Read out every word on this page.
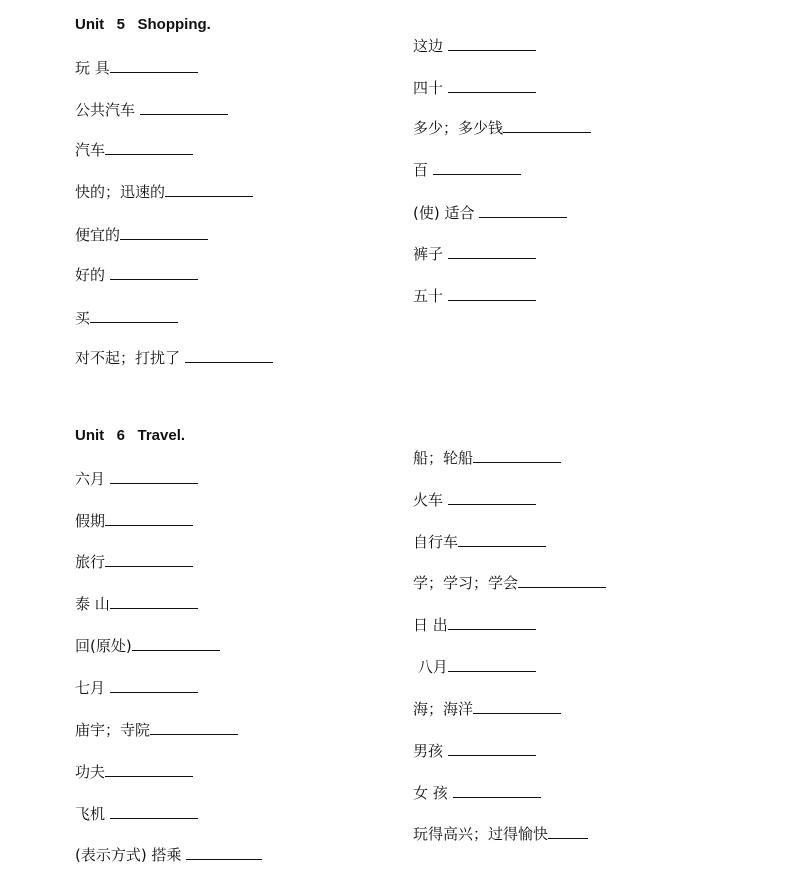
Unit   5   Shopping.
玩 具
公共汽车
汽车
快的；迅速的
便宜的
好的
买
对不起；打扰了
这边
四十
多少；多少钱
百
(使) 适合
裤子
五十
Unit   6   Travel.
六月
假期
旅行
泰 山
回(原处)
七月
庙宇；寺院
功夫
飞机
(表示方式) 搭乘
船；轮船
火车
自行车
学；学习；学会
日 出
八月
海；海洋
男孩
女 孩
玩得高兴；过得愉快
